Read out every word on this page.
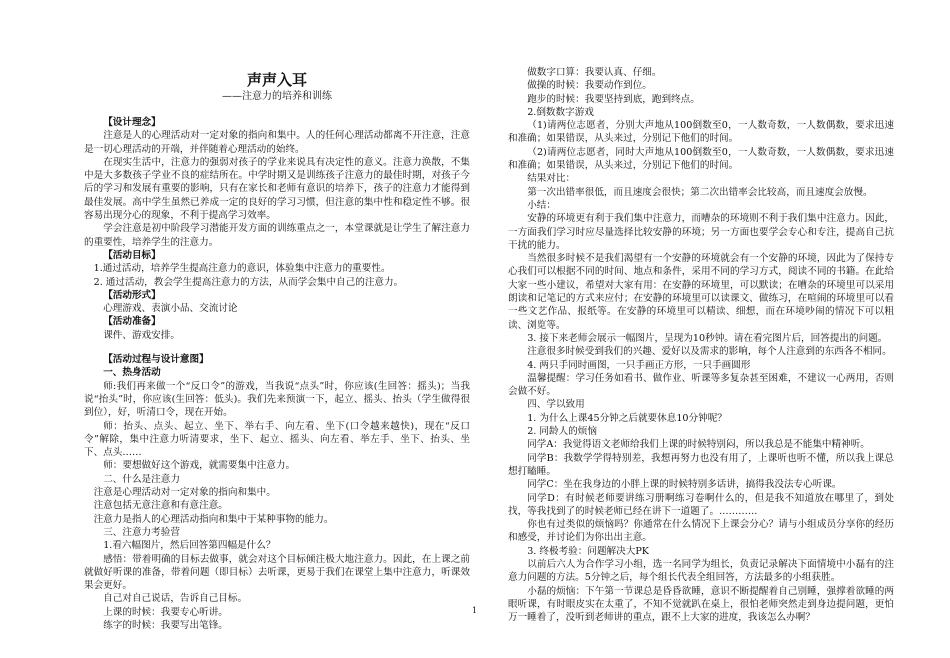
声声入耳

——注意力的培养和训练

【设计理念】

注意是人的心理活动对一定对象的指向和集中。人的任何心理活动都离不开注意，注意是一切心理活动的开端，并伴随着心理活动的始终。

在现实生活中，注意力的强弱对孩子的学业来说具有决定性的意义。注意力涣散，不集中是大多数孩子学业不良的症结所在。中学时期又是训练孩子注意力的最佳时期，对孩子今后的学习和发展有重要的影响，只有在家长和老师有意识的培养下，孩子的注意力才能得到最佳发展。高中学生虽然已养成一定的良好的学习习惯，但注意的集中性和稳定性不够。很容易出现分心的现象，不利于提高学习效率。

学会注意是初中阶段学习潜能开发方面的训练重点之一，本堂课就是让学生了解注意力的重要性，培养学生的注意力。

【活动目标】

1.通过活动，培养学生提高注意力的意识，体验集中注意力的重要性。

2. 通过活动，教会学生提高注意力的方法，从而学会集中自己的注意力。

【活动形式】

心理游戏、表演小品、交流讨论

【活动准备】

课件、游戏安排。

【活动过程与设计意图】

一、热身活动

师:我们再来做一个“反口令”的游戏，当我说“点头”时，你应该(生回答：摇头)；当我说“抬头”时，你应该(生回答：低头)。我们先来预演一下，起立、摇头、抬头（学生做得很到位），好，听清口令，现在开始。

师：抬头、点头、起立、坐下、举右手、向左看、坐下(口令越来越快)，现在“反口令”解除，集中注意力听清要求，坐下、起立、摇头、向左看、举左手、坐下、抬头、坐下、点头……

师：要想做好这个游戏，就需要集中注意力。

二、什么是注意力

注意是心理活动对一定对象的指向和集中。

注意包括无意注意和有意注意。

注意力是指人的心理活动指向和集中于某种事物的能力。

三、注意力考验营

1.看六幅图片，然后回答第四幅是什么？

感悟：带着明确的目标去做事，就会对这个目标倾注极大地注意力。因此，在上课之前就做好听课的准备，带着问题（即目标）去听课，更易于我们在课堂上集中注意力，听课效果会更好。

自己对自己说话，告诉自己目标。

上课的时候：我要专心听讲。

练字的时候：我要写出笔锋。

做数字口算：我要认真、仔细。

做操的时候：我要动作到位。

跑步的时候：我要坚持到底，跑到终点。

2.倒数数字游戏

（1)请两位志愿者，分别大声地从100倒数至0，一人数奇数，一人数偶数，要求迅速和准确；如果错误，从头来过，分别记下他们的时间。

（2)请两位志愿者，同时大声地从100倒数至0，一人数奇数，一人数偶数，要求迅速和准确；如果错误，从头来过，分别记下他们的时间。

结果对比：

第一次出错率很低，而且速度会很快；第二次出错率会比较高，而且速度会放慢。

小结：

安静的环境更有利于我们集中注意力，而嘈杂的环境则不利于我们集中注意力。因此，一方面我们学习时应尽量选择比较安静的环境；另一方面也要学会专心和专注，提高自己抗干扰的能力。

当然很多时候不是我们渴望有一个安静的环境就会有一个安静的环境，因此为了保持专心我们可以根据不同的时间、地点和条件，采用不同的学习方式，阅读不同的书籍。在此给大家一些小建议，希望对大家有用：在安静的环境里，可以默读；在嘈杂的环境里可以采用朗读和记笔记的方式来应付；在安静的环境里可以读课文、做练习，在喧闹的环境里可以看一些文艺作品、报纸等。在安静的环境里可以精读、细想，而在环境吵闹的情况下可以粗读、浏览等。

3. 接下来老师会展示一幅图片，呈现为10秒钟。请在看完图片后，回答提出的问题。

注意很多时候受到我们的兴趣、爱好以及需求的影响，每个人注意到的东西各不相同。

4. 两只手同时画图，一只手画正方形，一只手画圆形

温馨提醒：学习任务如看书、做作业、听课等多复杂甚至困难，不建议一心两用，否则会做不好。

四、学以致用

1. 为什么上课45分钟之后就要休息10分钟呢？

2. 同龄人的烦恼

同学A：我觉得语文老师给我们上课的时候特别闷，所以我总是不能集中精神听。

同学B：我数学学得特别差，我想再努力也没有用了，上课听也听不懂，所以我上课总想打瞌睡。

同学C：坐在我身边的小胖上课的时候特别多话讲，搞得我没法专心听课。

同学D：有时候老师要讲练习册啊练习卷啊什么的，但是我不知道放在哪里了，到处找，等我找到了的时候老师已经在讲下一道题了。…………

你也有过类似的烦恼吗？你通常在什么情况下上课会分心？请与小组成员分享你的经历和感受，并讨论们为你出出主意。

3. 终极考验：问题解决大PK

以前后六人为合作学习小组，选一名同学为组长，负责记录解决下面情境中小磊有的注意力问题的方法。5分钟之后，每个组长代表全组回答，方法最多的小组获胜。

小磊的烦恼：下午第一节课总是昏昏欲睡，意识不断提醒着自己别睡，强撑着欲睡的两眼听课，有时眼皮实在太重了，不知不觉就趴在桌上，很怕老师突然走到身边提问题，更怕万一睡着了，没听到老师讲的重点，跟不上大家的进度，我该怎么办啊？

1
